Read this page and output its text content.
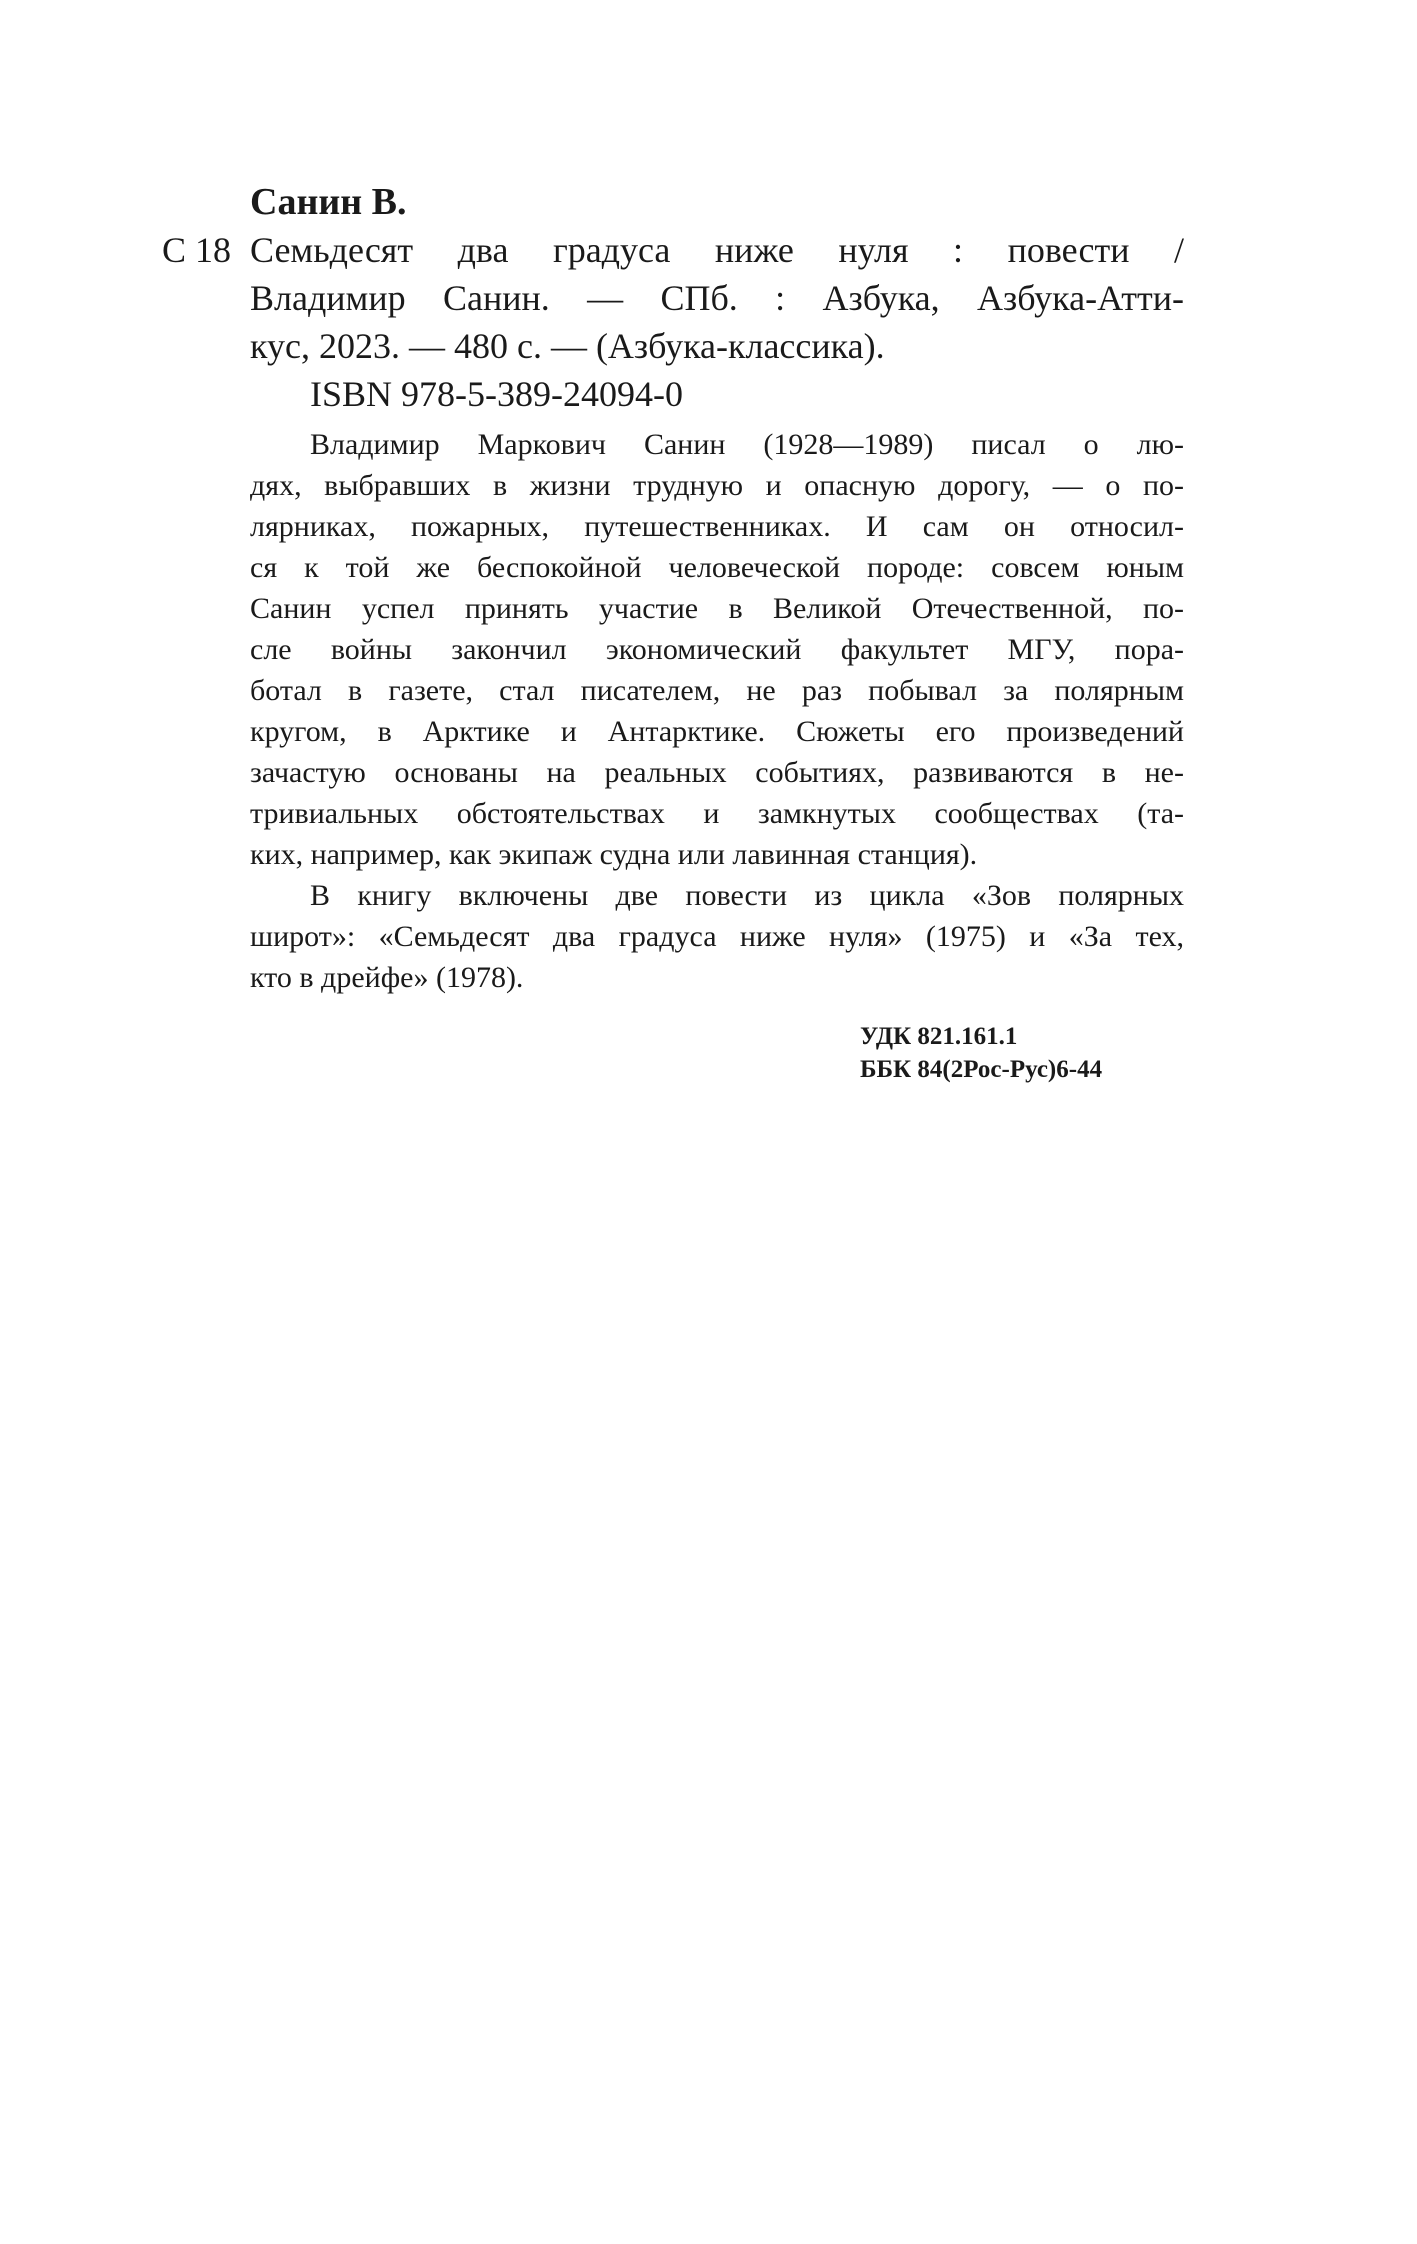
Санин В.
С 18 Семьдесят два градуса ниже нуля : повести /
Владимир Санин. — СПб. : Азбука, Азбука-Атти-
кус, 2023. — 480 с. — (Азбука-классика).
ISBN 978-5-389-24094-0
Владимир Маркович Санин (1928—1989) писал о лю-
дях, выбравших в жизни трудную и опасную дорогу, — о по-
лярниках, пожарных, путешественниках. И сам он относил-
ся к той же беспокойной человеческой породе: совсем юным
Санин успел принять участие в Великой Отечественной, по-
сле войны закончил экономический факультет МГУ, пора-
ботал в газете, стал писателем, не раз побывал за полярным
кругом, в Арктике и Антарктике. Сюжеты его произведений
зачастую основаны на реальных событиях, развиваются в не-
тривиальных обстоятельствах и замкнутых сообществах (та-
ких, например, как экипаж судна или лавинная станция).
В книгу включены две повести из цикла «Зов полярных
широт»: «Семьдесят два градуса ниже нуля» (1975) и «За тех,
кто в дрейфе» (1978).
УДК 821.161.1
ББК 84(2Рос-Рус)6-44
